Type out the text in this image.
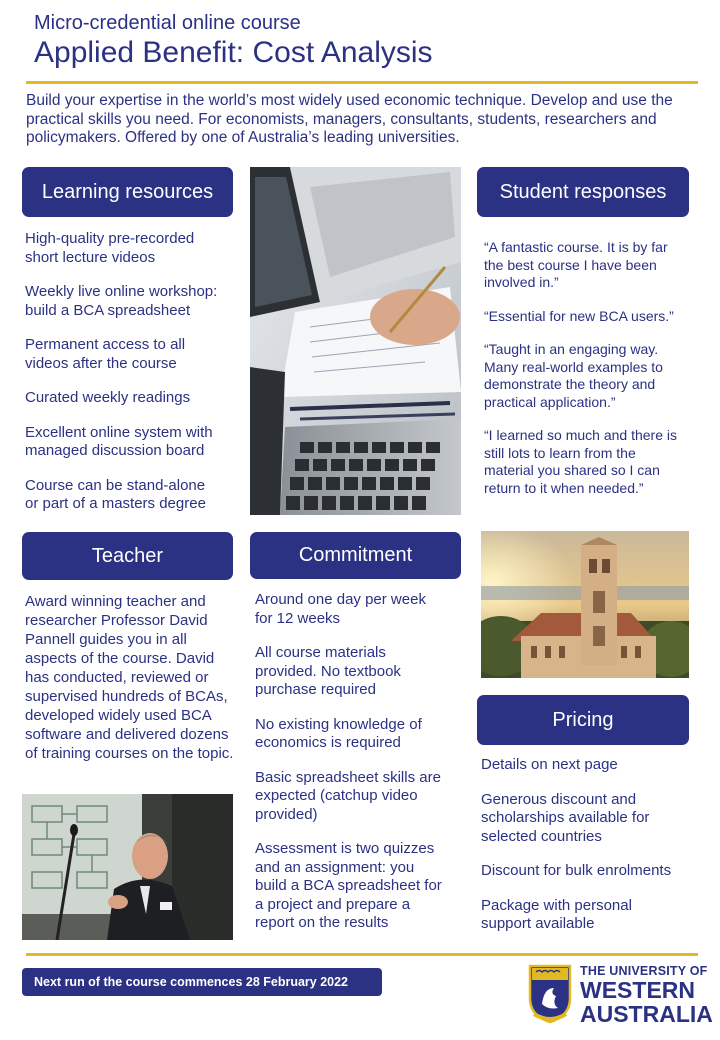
Micro-credential online course
Applied Benefit: Cost Analysis
Build your expertise in the world’s most widely used economic technique. Develop and use the practical skills you need. For economists, managers, consultants, students, researchers and policymakers. Offered by one of Australia’s leading universities.
Learning resources
High-quality pre-recorded
short lecture videos
Weekly live online workshop:
build a BCA spreadsheet
Permanent access to all
videos after the course
Curated weekly readings
Excellent online system with
managed discussion board
Course can be stand-alone
or part of a masters degree
Student responses
“A fantastic course. It is by far the best course I have been involved in.”
“Essential for new BCA users.”
“Taught in an engaging way. Many real-world examples to demonstrate the theory and practical application.”
“I learned so much and there is still lots to learn from the material you shared so I can return to it when needed.”
Teacher
Award winning teacher and researcher Professor David Pannell guides you in all aspects of the course. David has conducted, reviewed or supervised hundreds of BCAs, developed widely used BCA software and delivered dozens of training courses on the topic.
Commitment
Around one day per week
for 12 weeks
All course materials
provided. No textbook
purchase required
No existing knowledge of
economics is required
Basic spreadsheet skills are
expected (catchup video
provided)
Assessment is two quizzes
and an assignment: you
build a BCA spreadsheet for
a project and prepare a
report on the results
Pricing
Details on next page
Generous discount and
scholarships available for
selected countries
Discount for bulk enrolments
Package with personal
support available
Next run of the course commences 28 February 2022
THE UNIVERSITY OF
WESTERN
AUSTRALIA
